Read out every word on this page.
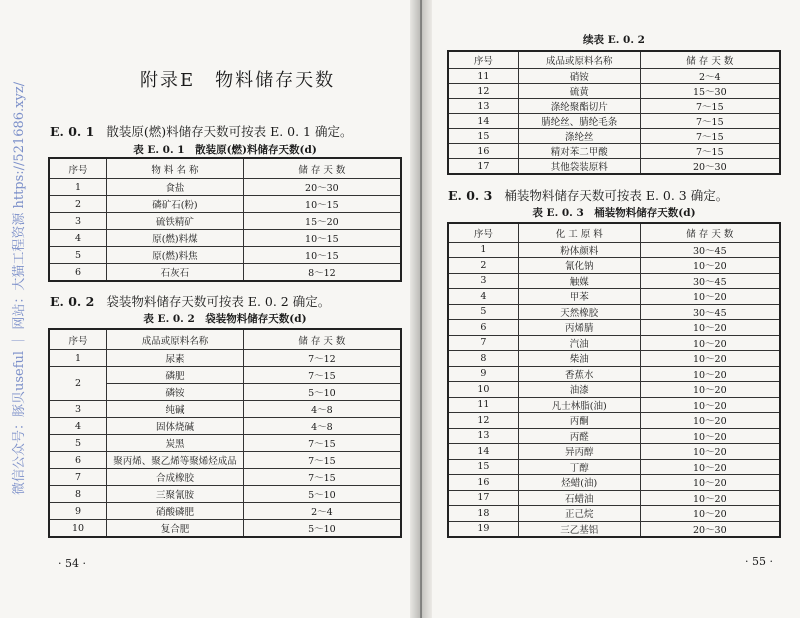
附录E　物料储存天数
E. 0. 1 散装原(燃)料储存天数可按表 E. 0. 1 确定。
表 E. 0. 1　散装原(燃)料储存天数(d)
序号	物 料 名 称	储 存 天 数
1	食盐	20～30
2	磷矿石(粉)	10～15
3	硫铁精矿	15～20
4	原(燃)料煤	10～15
5	原(燃)料焦	10～15
6	石灰石	8～12
E. 0. 2 袋装物料储存天数可按表 E. 0. 2 确定。
表 E. 0. 2　袋装物料储存天数(d)
序号	成品或原料名称	储 存 天 数
1	尿素	7～12
2	磷肥	7～15
	磷铵	5～10
3	纯碱	4～8
4	固体烧碱	4～8
5	炭黑	7～15
6	聚丙烯、聚乙烯等聚烯烃成品	7～15
7	合成橡胶	7～15
8	三聚氰胺	5～10
9	硝酸磷肥	2～4
10	复合肥	5～10
· 54 ·
续表 E. 0. 2
序号	成品或原料名称	储 存 天 数
11	硝铵	2～4
12	硫黄	15～30
13	涤纶聚酯切片	7～15
14	腈纶丝、腈纶毛条	7～15
15	涤纶丝	7～15
16	精对苯二甲酸	7～15
17	其他袋装原料	20～30
E. 0. 3 桶装物料储存天数可按表 E. 0. 3 确定。
表 E. 0. 3　桶装物料储存天数(d)
序号	化 工 原 料	储 存 天 数
1	粉体颜料	30～45
2	氰化钠	10～20
3	触媒	30～45
4	甲苯	10～20
5	天然橡胶	30～45
6	丙烯腈	10～20
7	汽油	10～20
8	柴油	10～20
9	香蕉水	10～20
10	油漆	10～20
11	凡士林脂(油)	10～20
12	丙酮	10～20
13	丙醛	10～20
14	异丙醇	10～20
15	丁醇	10～20
16	烃蜡(油)	10～20
17	石蜡油	10～20
18	正己烷	10～20
19	三乙基铝	20～30
· 55 ·
微信公众号：豚贝useful ｜ 网站：大猫工程资源 https://521686.xyz/
